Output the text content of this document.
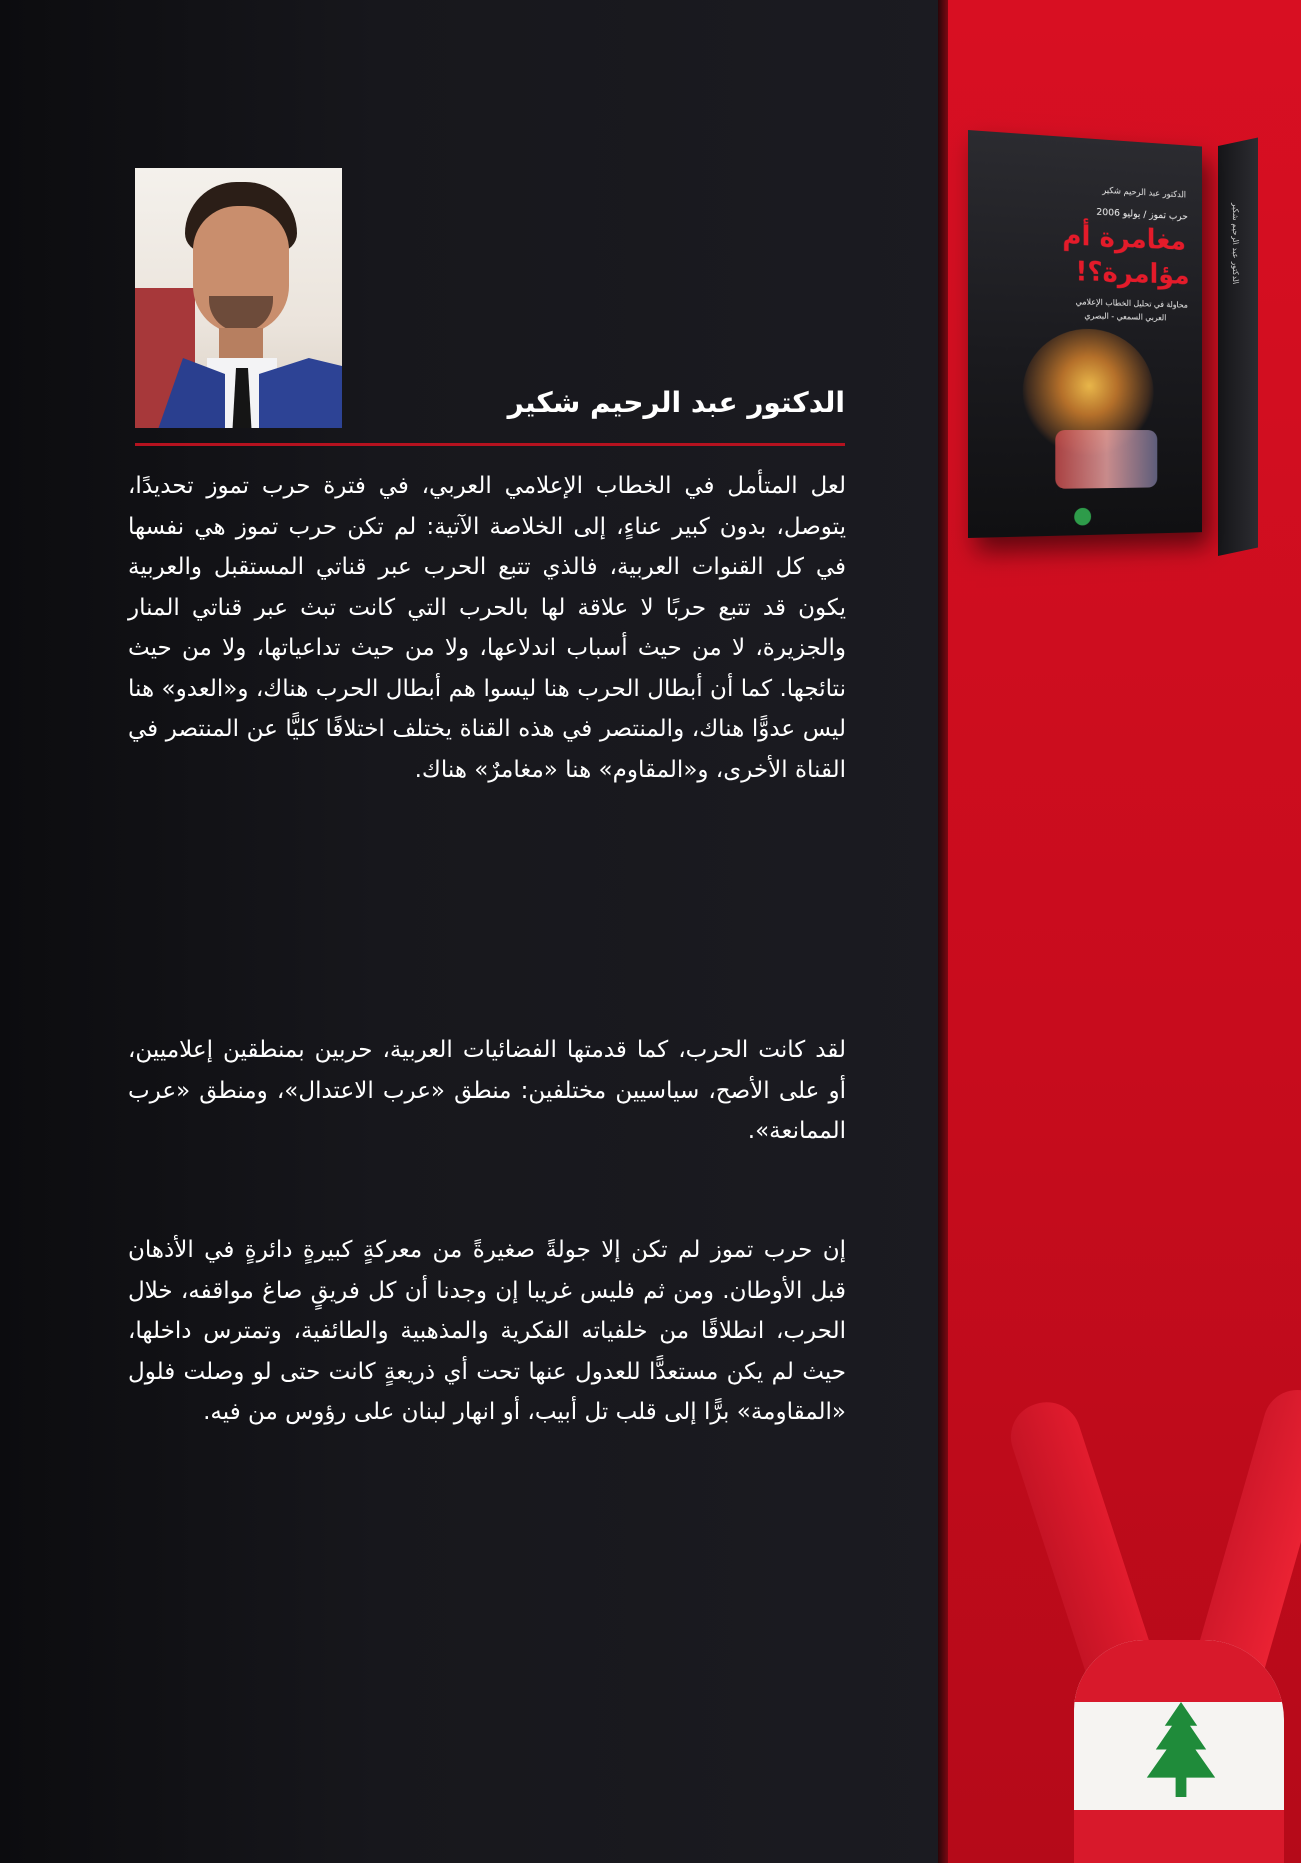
الدكتور عبد الرحيم شكير

لعل المتأمل في الخطاب الإعلامي العربي، في فترة حرب تموز تحديدًا، يتوصل، بدون كبير عناءٍ، إلى الخلاصة الآتية: لم تكن حرب تموز هي نفسها في كل القنوات العربية، فالذي تتبع الحرب عبر قناتي المستقبل والعربية يكون قد تتبع حربًا لا علاقة لها بالحرب التي كانت تبث عبر قناتي المنار والجزيرة، لا من حيث أسباب اندلاعها، ولا من حيث تداعياتها، ولا من حيث نتائجها. كما أن أبطال الحرب هنا ليسوا هم أبطال الحرب هناك، و«العدو» هنا ليس عدوًّا هناك، والمنتصر في هذه القناة يختلف اختلافًا كليًّا عن المنتصر في القناة الأخرى، و«المقاوم» هنا «مغامرٌ» هناك.

لقد كانت الحرب، كما قدمتها الفضائيات العربية، حربين بمنطقين إعلاميين، أو على الأصح، سياسيين مختلفين: منطق «عرب الاعتدال»، ومنطق «عرب الممانعة».

إن حرب تموز لم تكن إلا جولةً صغيرةً من معركةٍ كبيرةٍ دائرةٍ في الأذهان قبل الأوطان. ومن ثم فليس غريبا إن وجدنا أن كل فريقٍ صاغ مواقفه، خلال الحرب، انطلاقًا من خلفياته الفكرية والمذهبية والطائفية، وتمترس داخلها، حيث لم يكن مستعدًّا للعدول عنها تحت أي ذريعةٍ كانت حتى لو وصلت فلول «المقاومة» برًّا إلى قلب تل أبيب، أو انهار لبنان على رؤوس من فيه.

الدكتور عبد الرحيم شكير
الدكتور عبد الرحيم شكير
حرب تموز / يوليو 2006
مغامرة أم
مؤامرة؟!
محاولة في تحليل الخطاب الإعلامي
العربي السمعي - البصري
